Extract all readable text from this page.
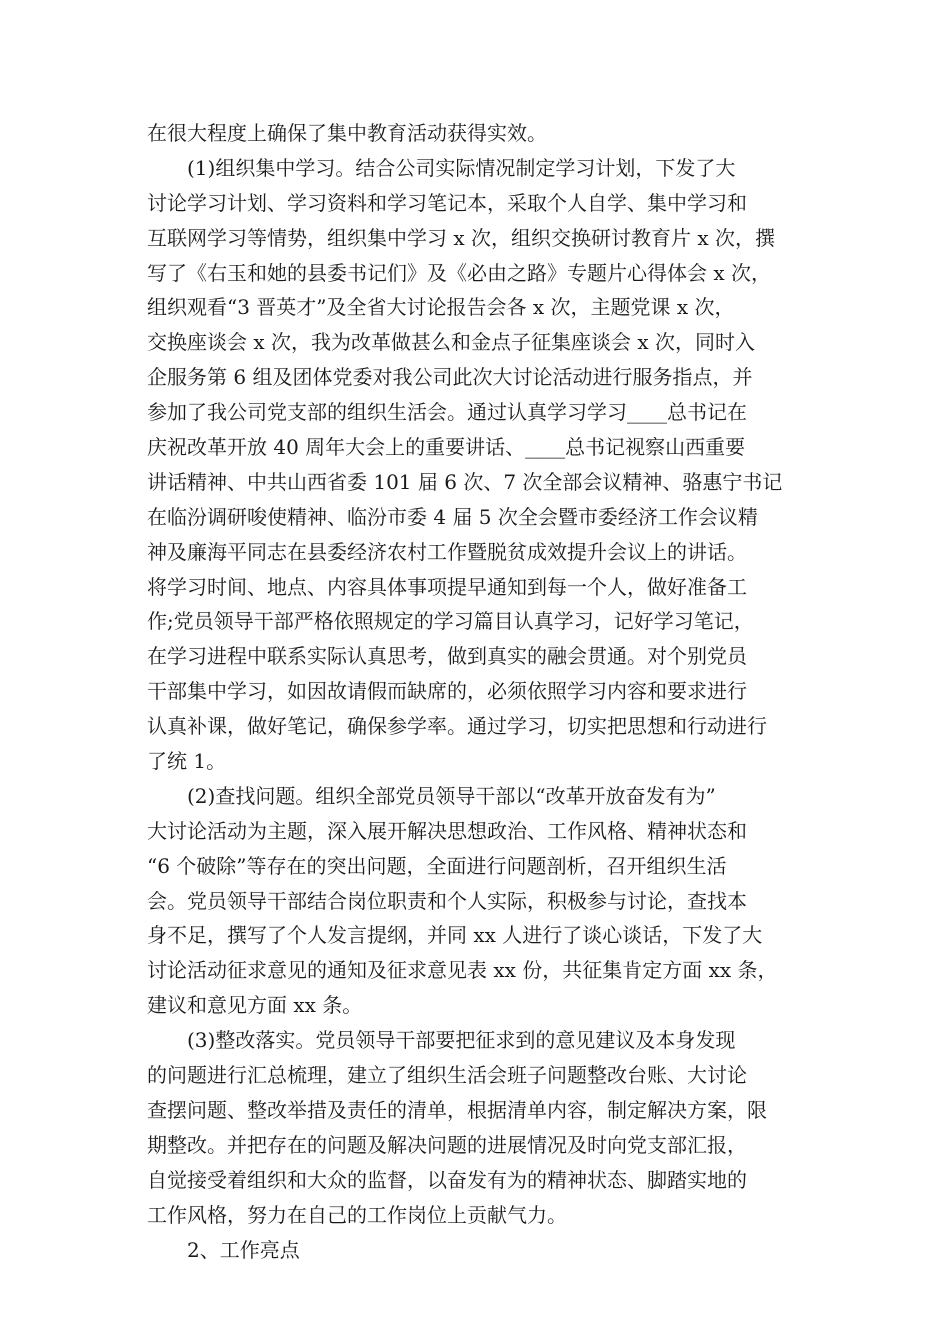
在很大程度上确保了集中教育活动获得实效。
(1)组织集中学习。结合公司实际情况制定学习计划，下发了大
讨论学习计划、学习资料和学习笔记本，采取个人自学、集中学习和
互联网学习等情势，组织集中学习 x 次，组织交换研讨教育片 x 次，撰
写了《右玉和她的县委书记们》及《必由之路》专题片心得体会 x 次，
组织观看“3 晋英才”及全省大讨论报告会各 x 次，主题党课 x 次，
交换座谈会 x 次，我为改革做甚么和金点子征集座谈会 x 次，同时入
企服务第 6 组及团体党委对我公司此次大讨论活动进行服务指点，并
参加了我公司党支部的组织生活会。通过认真学习学习____总书记在
庆祝改革开放 40 周年大会上的重要讲话、____总书记视察山西重要
讲话精神、中共山西省委 101 届 6 次、7 次全部会议精神、骆惠宁书记
在临汾调研唆使精神、临汾市委 4 届 5 次全会暨市委经济工作会议精
神及廉海平同志在县委经济农村工作暨脱贫成效提升会议上的讲话。
将学习时间、地点、内容具体事项提早通知到每一个人，做好准备工
作;党员领导干部严格依照规定的学习篇目认真学习，记好学习笔记，
在学习进程中联系实际认真思考，做到真实的融会贯通。对个别党员
干部集中学习，如因故请假而缺席的，必须依照学习内容和要求进行
认真补课，做好笔记，确保参学率。通过学习，切实把思想和行动进行
了统 1。
(2)查找问题。组织全部党员领导干部以“改革开放奋发有为”
大讨论活动为主题，深入展开解决思想政治、工作风格、精神状态和
“6 个破除”等存在的突出问题，全面进行问题剖析，召开组织生活
会。党员领导干部结合岗位职责和个人实际，积极参与讨论，查找本
身不足，撰写了个人发言提纲，并同 xx 人进行了谈心谈话，下发了大
讨论活动征求意见的通知及征求意见表 xx 份，共征集肯定方面 xx 条，
建议和意见方面 xx 条。
(3)整改落实。党员领导干部要把征求到的意见建议及本身发现
的问题进行汇总梳理，建立了组织生活会班子问题整改台账、大讨论
查摆问题、整改举措及责任的清单，根据清单内容，制定解决方案，限
期整改。并把存在的问题及解决问题的进展情况及时向党支部汇报，
自觉接受着组织和大众的监督，以奋发有为的精神状态、脚踏实地的
工作风格，努力在自己的工作岗位上贡献气力。
2、工作亮点
